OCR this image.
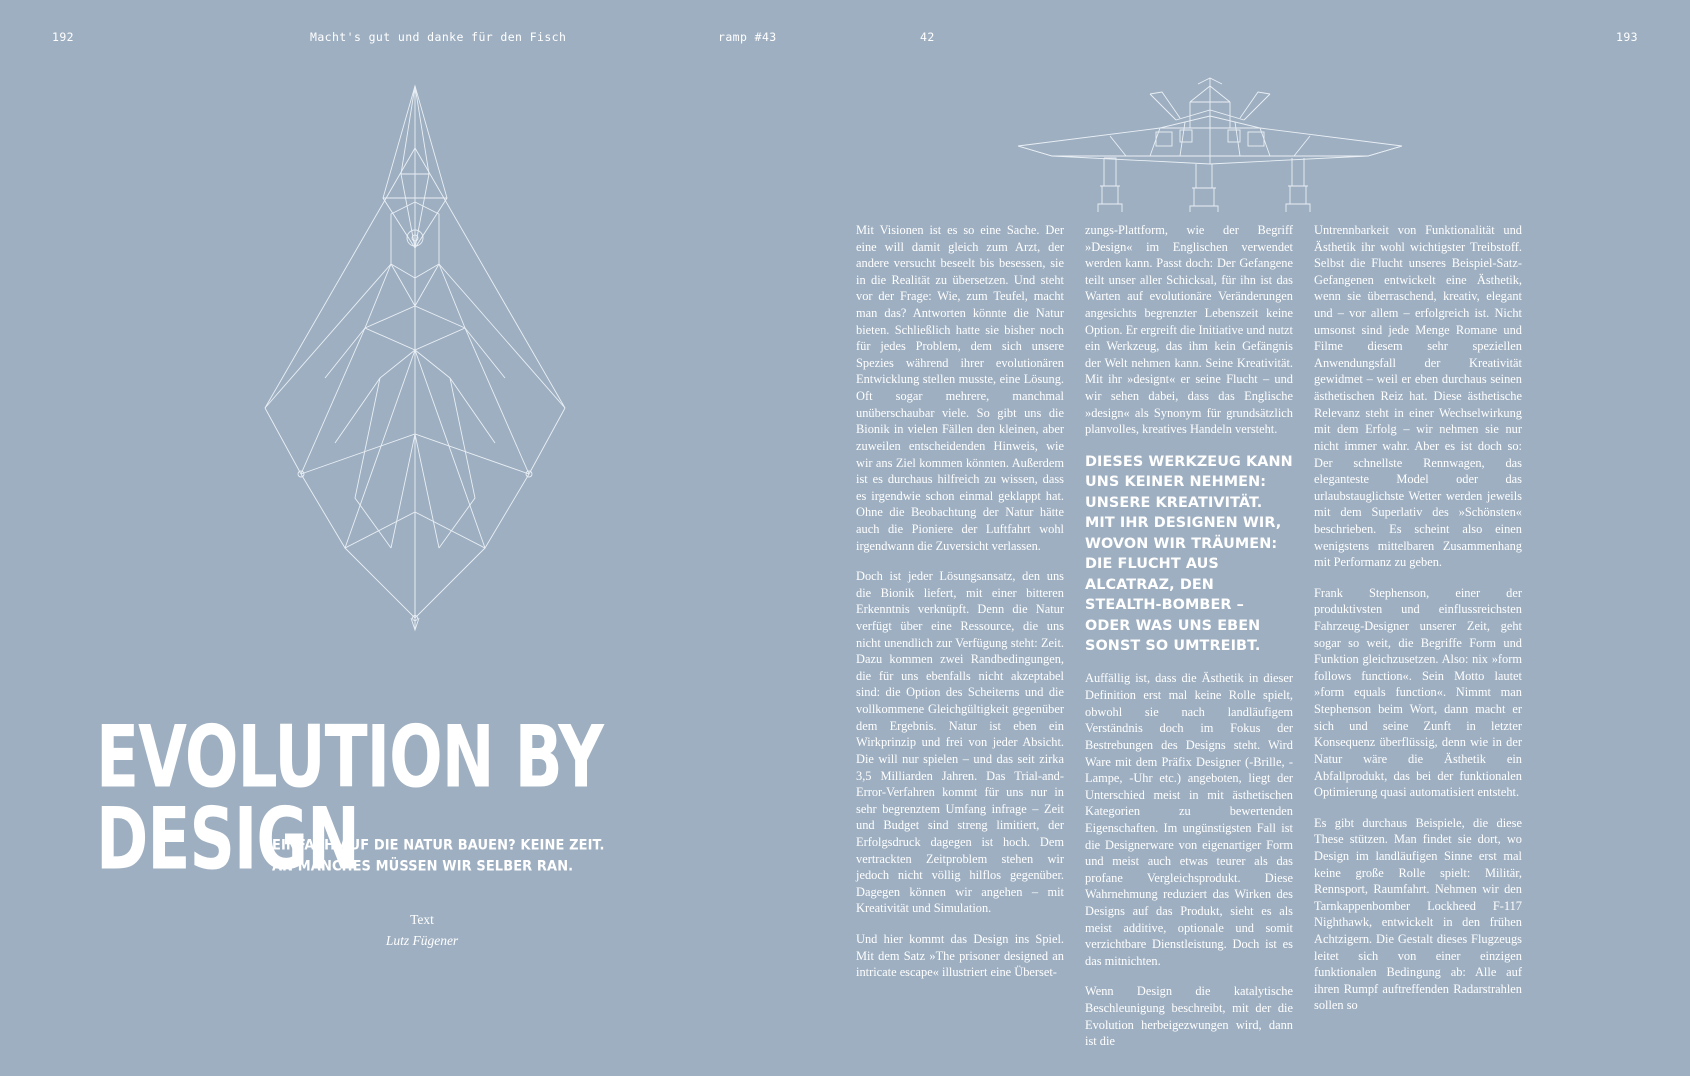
192	Macht's gut und danke für den Fisch	ramp #43	42	193
EVOLUTION BY DESIGN
EINFACH AUF DIE NATUR BAUEN? KEINE ZEIT.
AN MANCHES MÜSSEN WIR SELBER RAN.
Text
Lutz Fügener

Mit Visionen ist es so eine Sache. Der eine will damit gleich zum Arzt, der andere versucht beseelt bis besessen, sie in die Realität zu übersetzen. Und steht vor der Frage: Wie, zum Teufel, macht man das? Antworten könnte die Natur bieten. Schließlich hatte sie bisher noch für jedes Problem, dem sich unsere Spezies während ihrer evolutionären Entwicklung stellen musste, eine Lösung. Oft sogar mehrere, manchmal unüberschaubar viele. So gibt uns die Bionik in vielen Fällen den kleinen, aber zuweilen entscheidenden Hinweis, wie wir ans Ziel kommen könnten. Außerdem ist es durchaus hilfreich zu wissen, dass es irgendwie schon einmal geklappt hat. Ohne die Beobachtung der Natur hätte auch die Pioniere der Luftfahrt wohl irgendwann die Zuversicht verlassen.

Doch ist jeder Lösungsansatz, den uns die Bionik liefert, mit einer bitteren Erkenntnis verknüpft. Denn die Natur verfügt über eine Ressource, die uns nicht unendlich zur Verfügung steht: Zeit. Dazu kommen zwei Randbedingungen, die für uns ebenfalls nicht akzeptabel sind: die Option des Scheiterns und die vollkommene Gleichgültigkeit gegenüber dem Ergebnis. Natur ist eben ein Wirkprinzip und frei von jeder Absicht. Die will nur spielen – und das seit zirka 3,5 Milliarden Jahren. Das Trial-and-Error-Verfahren kommt für uns nur in sehr begrenztem Umfang infrage – Zeit und Budget sind streng limitiert, der Erfolgsdruck dagegen ist hoch. Dem vertrackten Zeitproblem stehen wir jedoch nicht völlig hilflos gegenüber. Dagegen können wir angehen – mit Kreativität und Simulation.

Und hier kommt das Design ins Spiel. Mit dem Satz »The prisoner designed an intricate escape« illustriert eine Überset-

zungs-Plattform, wie der Begriff »Design« im Englischen verwendet werden kann. Passt doch: Der Gefangene teilt unser aller Schicksal, für ihn ist das Warten auf evolutionäre Veränderungen angesichts begrenzter Lebenszeit keine Option. Er ergreift die Initiative und nutzt ein Werkzeug, das ihm kein Gefängnis der Welt nehmen kann. Seine Kreativität. Mit ihr »designt« er seine Flucht – und wir sehen dabei, dass das Englische »design« als Synonym für grundsätzlich planvolles, kreatives Handeln versteht.

DIESES WERKZEUG KANN UNS KEINER NEHMEN: UNSERE KREATIVITÄT. MIT IHR DESIGNEN WIR, WOVON WIR TRÄUMEN: DIE FLUCHT AUS ALCATRAZ, DEN STEALTH-BOMBER – ODER WAS UNS EBEN SONST SO UMTREIBT.

Auffällig ist, dass die Ästhetik in dieser Definition erst mal keine Rolle spielt, obwohl sie nach landläufigem Verständnis doch im Fokus der Bestrebungen des Designs steht. Wird Ware mit dem Präfix Designer (-Brille, -Lampe, -Uhr etc.) angeboten, liegt der Unterschied meist in mit ästhetischen Kategorien zu bewertenden Eigenschaften. Im ungünstigsten Fall ist die Designerware von eigenartiger Form und meist auch etwas teurer als das profane Vergleichsprodukt. Diese Wahrnehmung reduziert das Wirken des Designs auf das Produkt, sieht es als meist additive, optionale und somit verzichtbare Dienstleistung. Doch ist es das mitnichten.

Wenn Design die katalytische Beschleunigung beschreibt, mit der die Evolution herbeigezwungen wird, dann ist die

Untrennbarkeit von Funktionalität und Ästhetik ihr wohl wichtigster Treibstoff. Selbst die Flucht unseres Beispiel-Satz-Gefangenen entwickelt eine Ästhetik, wenn sie überraschend, kreativ, elegant und – vor allem – erfolgreich ist. Nicht umsonst sind jede Menge Romane und Filme diesem sehr speziellen Anwendungsfall der Kreativität gewidmet – weil er eben durchaus seinen ästhetischen Reiz hat. Diese ästhetische Relevanz steht in einer Wechselwirkung mit dem Erfolg – wir nehmen sie nur nicht immer wahr. Aber es ist doch so: Der schnellste Rennwagen, das eleganteste Model oder das urlaubstauglichste Wetter werden jeweils mit dem Superlativ des »Schönsten« beschrieben. Es scheint also einen wenigstens mittelbaren Zusammenhang mit Performanz zu geben.

Frank Stephenson, einer der produktivsten und einflussreichsten Fahrzeug-Designer unserer Zeit, geht sogar so weit, die Begriffe Form und Funktion gleichzusetzen. Also: nix »form follows function«. Sein Motto lautet »form equals function«. Nimmt man Stephenson beim Wort, dann macht er sich und seine Zunft in letzter Konsequenz überflüssig, denn wie in der Natur wäre die Ästhetik ein Abfallprodukt, das bei der funktionalen Optimierung quasi automatisiert entsteht.

Es gibt durchaus Beispiele, die diese These stützen. Man findet sie dort, wo Design im landläufigen Sinne erst mal keine große Rolle spielt: Militär, Rennsport, Raumfahrt. Nehmen wir den Tarnkappenbomber Lockheed F-117 Nighthawk, entwickelt in den frühen Achtzigern. Die Gestalt dieses Flugzeugs leitet sich von einer einzigen funktionalen Bedingung ab: Alle auf ihren Rumpf auftreffenden Radarstrahlen sollen so
